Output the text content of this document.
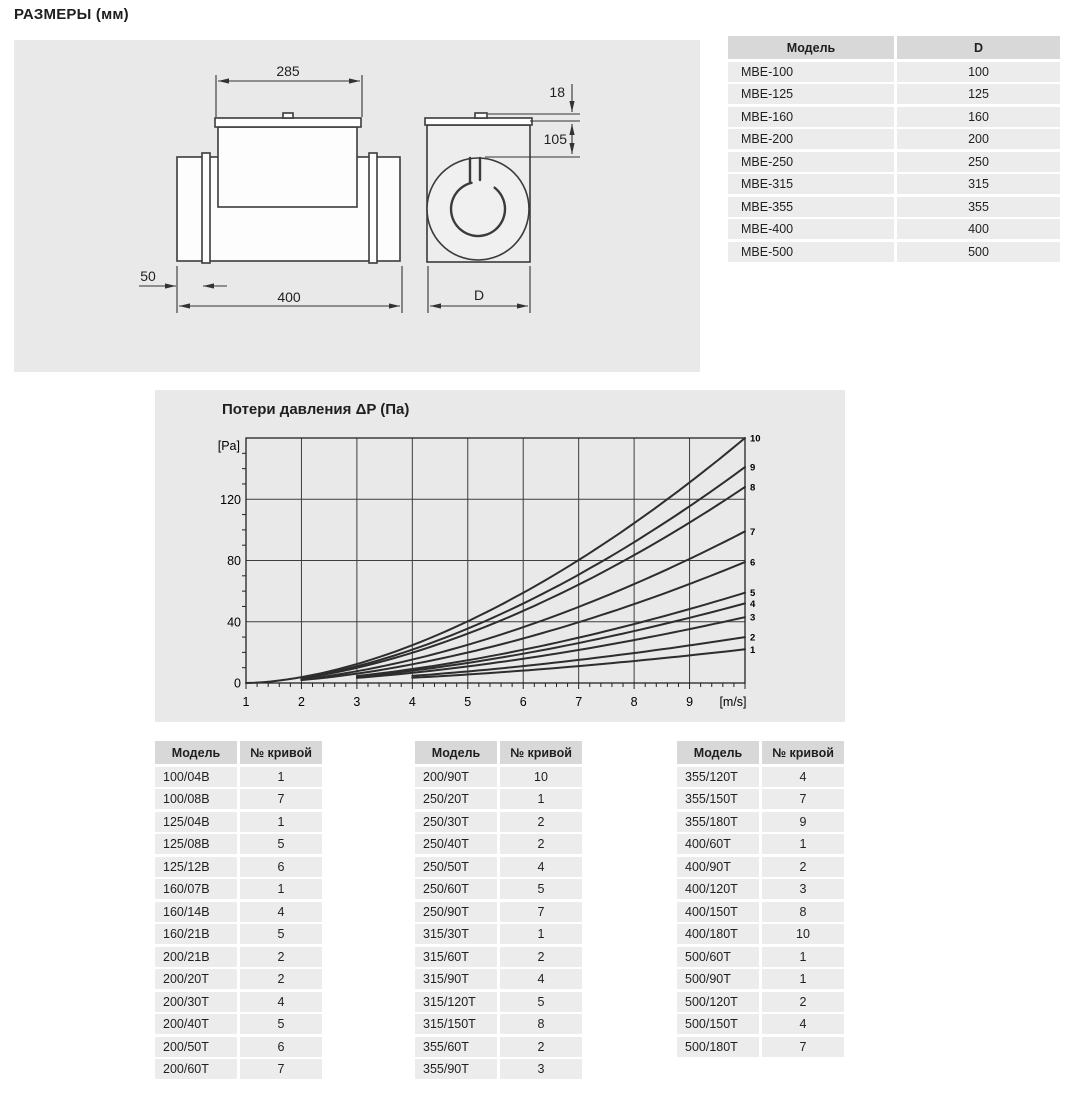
РАЗМЕРЫ (мм)
285
50
400
18
105
D
Модель	D
MBE-100	100
MBE-125	125
MBE-160	160
MBE-200	200
MBE-250	250
MBE-315	315
MBE-355	355
MBE-400	400
MBE-500	500
1	2	3	4	5	6	7	8	9
0
40
80
120
[Pa]
[m/s]
1
2
3
4
5
6
7
8
9
10
Потери давления ΔP (Па)
Модель	№ кривой
100/04B	1
100/08B	7
125/04B	1
125/08B	5
125/12B	6
160/07B	1
160/14B	4
160/21B	5
200/21B	2
200/20T	2
200/30T	4
200/40T	5
200/50T	6
200/60T	7
Модель	№ кривой
200/90T	10
250/20T	1
250/30T	2
250/40T	2
250/50T	4
250/60T	5
250/90T	7
315/30T	1
315/60T	2
315/90T	4
315/120T	5
315/150T	8
355/60T	2
355/90T	3
Модель	№ кривой
355/120T	4
355/150T	7
355/180T	9
400/60T	1
400/90T	2
400/120T	3
400/150T	8
400/180T	10
500/60T	1
500/90T	1
500/120T	2
500/150T	4
500/180T	7
